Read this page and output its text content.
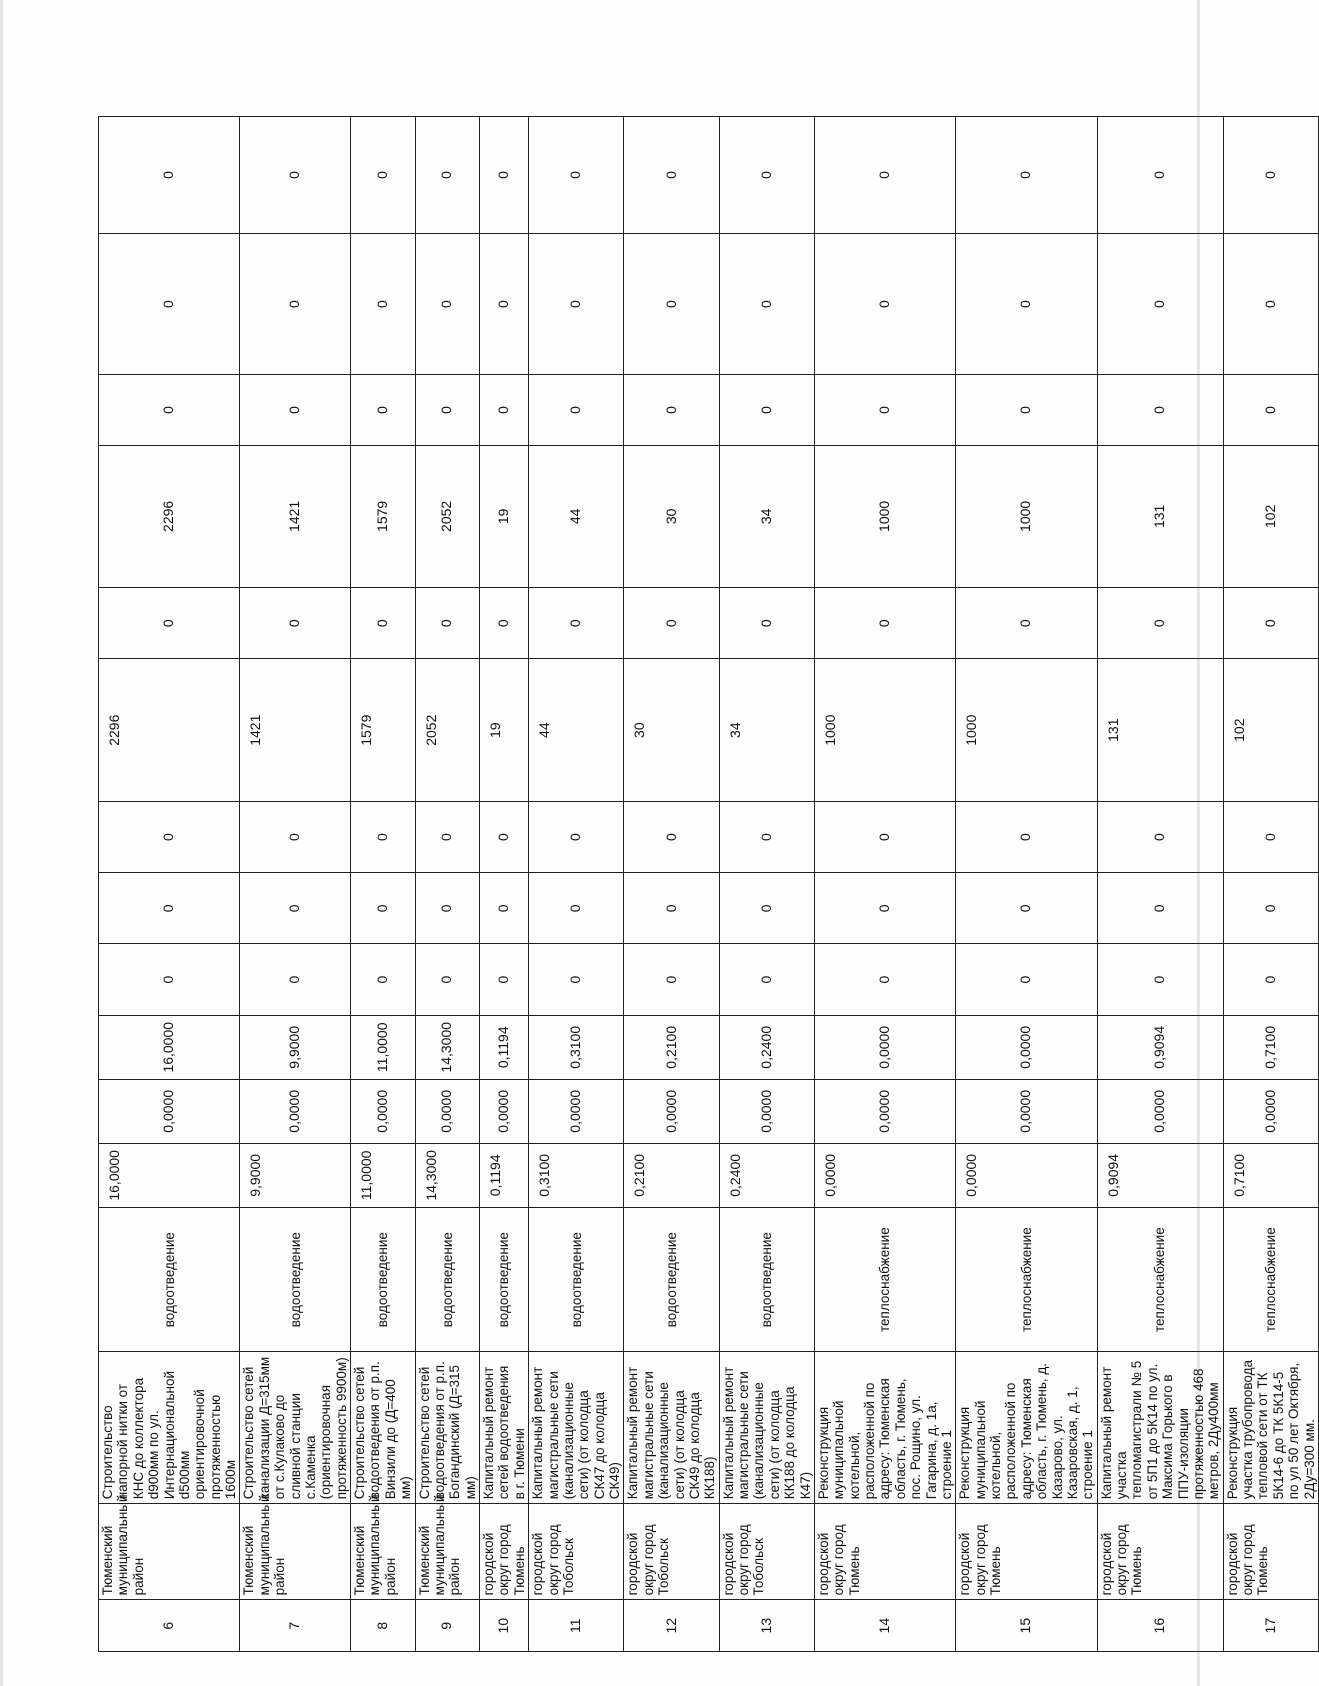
6	Тюменский муниципальный район	Строительство напорной нитки от КНС до коллектора d900мм по ул. Интернациональной d500мм ориентировочной протяженностью 1600м	водоотведение	16,0000	0,0000	16,0000	0	0	0	2296	0	2296	0	0	0
7	Тюменский муниципальный район	Строительство сетей канализации Д=315мм от с.Кулаково до сливной станции с.Каменка (ориентировочная протяженность 9900м)	водоотведение	9,9000	0,0000	9,9000	0	0	0	1421	0	1421	0	0	0
8	Тюменский муниципальный район	Строительство сетей водоотведения от р.п. Винзили до (Д=400 мм)	водоотведение	11,0000	0,0000	11,0000	0	0	0	1579	0	1579	0	0	0
9	Тюменский муниципальный район	Строительство сетей водоотведения от р.п. Богандинский (Д=315 мм)	водоотведение	14,3000	0,0000	14,3000	0	0	0	2052	0	2052	0	0	0
10	городской округ город Тюмень	Капитальный ремонт сетей водоотведения в г. Тюмени	водоотведение	0,1194	0,0000	0,1194	0	0	0	19	0	19	0	0	0
11	городской округ город Тобольск	Капитальный ремонт магистральные сети (канализационные сети) (от колодца СК47 до колодца СК49)	водоотведение	0,3100	0,0000	0,3100	0	0	0	44	0	44	0	0	0
12	городской округ город Тобольск	Капитальный ремонт магистральные сети (канализационные сети) (от колодца СК49 до колодца КК188)	водоотведение	0,2100	0,0000	0,2100	0	0	0	30	0	30	0	0	0
13	городской округ город Тобольск	Капитальный ремонт магистральные сети (канализационные сети) (от колодца КК188 до колодца К47)	водоотведение	0,2400	0,0000	0,2400	0	0	0	34	0	34	0	0	0
14	городской округ город Тюмень	Реконструкция муниципальной котельной, расположенной по адресу: Тюменская область, г. Тюмень, пос. Рощино, ул. Гагарина, д. 1а, строение 1	теплоснабжение	0,0000	0,0000	0,0000	0	0	0	1000	0	1000	0	0	0
15	городской округ город Тюмень	Реконструкция муниципальной котельной, расположенной по адресу: Тюменская область, г. Тюмень, д. Казарово, ул. Казаровская, д. 1, строение 1	теплоснабжение	0,0000	0,0000	0,0000	0	0	0	1000	0	1000	0	0	0
16	городской округ город Тюмень	Капитальный ремонт участка тепломагистрали № 5 от 5П1 до 5К14 по ул. Максима Горького в ППУ-изоляции протяженностью 468 метров, 2Ду400мм	теплоснабжение	0,9094	0,0000	0,9094	0	0	0	131	0	131	0	0	0
17	городской округ город Тюмень	Реконструкция участка трубопровода тепловой сети от ТК 5К14-6 до ТК 5К14-5 по ул 50 лет Октября, 2Ду=300 мм.	теплоснабжение	0,7100	0,0000	0,7100	0	0	0	102	0	102	0	0	0
